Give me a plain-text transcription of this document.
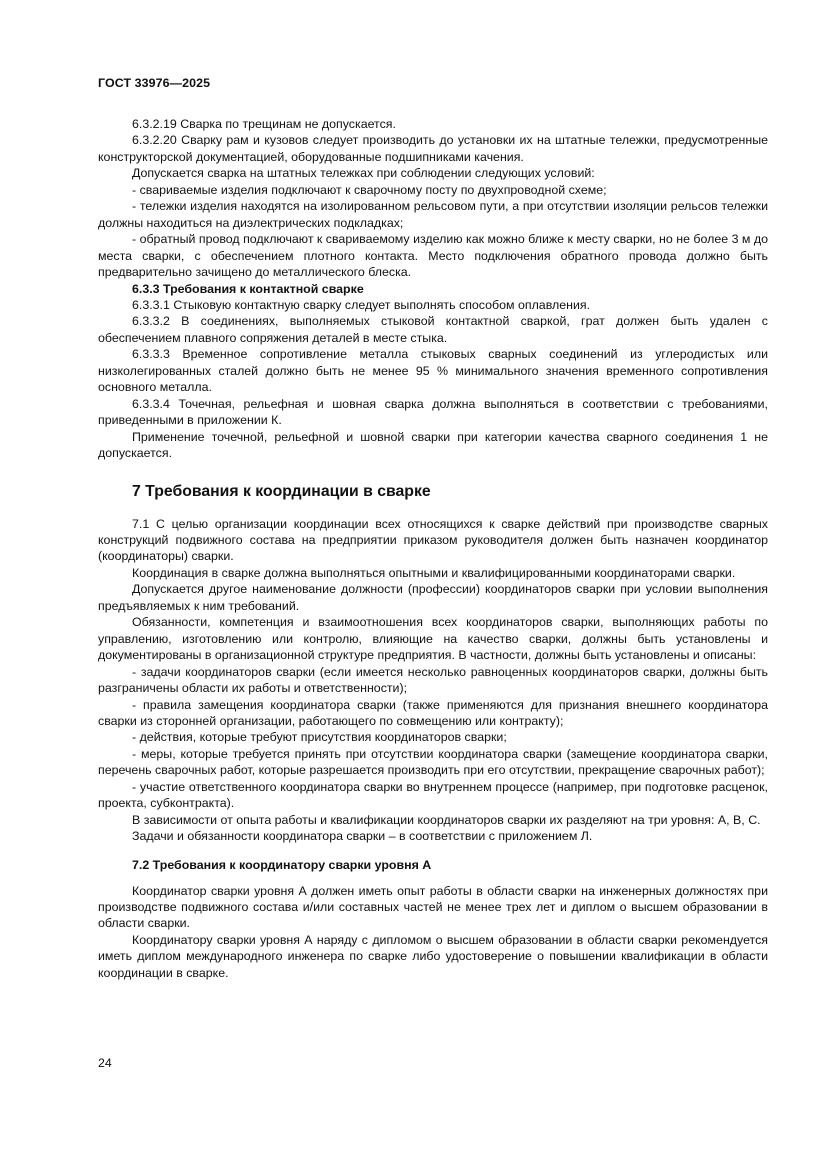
ГОСТ 33976—2025

6.3.2.19 Сварка по трещинам не допускается.

6.3.2.20 Сварку рам и кузовов следует производить до установки их на штатные тележки, предусмотренные конструкторской документацией, оборудованные подшипниками качения.

Допускается сварка на штатных тележках при соблюдении следующих условий:

- свариваемые изделия подключают к сварочному посту по двухпроводной схеме;

- тележки изделия находятся на изолированном рельсовом пути, а при отсутствии изоляции рельсов тележки должны находиться на диэлектрических подкладках;

- обратный провод подключают к свариваемому изделию как можно ближе к месту сварки, но не более 3 м до места сварки, с обеспечением плотного контакта. Место подключения обратного провода должно быть предварительно зачищено до металлического блеска.

6.3.3 Требования к контактной сварке

6.3.3.1 Стыковую контактную сварку следует выполнять способом оплавления.

6.3.3.2 В соединениях, выполняемых стыковой контактной сваркой, грат должен быть удален с обеспечением плавного сопряжения деталей в месте стыка.

6.3.3.3 Временное сопротивление металла стыковых сварных соединений из углеродистых или низколегированных сталей должно быть не менее 95 % минимального значения временного сопротивления основного металла.

6.3.3.4 Точечная, рельефная и шовная сварка должна выполняться в соответствии с требованиями, приведенными в приложении К.

Применение точечной, рельефной и шовной сварки при категории качества сварного соединения 1 не допускается.

7 Требования к координации в сварке

7.1 С целью организации координации всех относящихся к сварке действий при производстве сварных конструкций подвижного состава на предприятии приказом руководителя должен быть назначен координатор (координаторы) сварки.

Координация в сварке должна выполняться опытными и квалифицированными координаторами сварки.

Допускается другое наименование должности (профессии) координаторов сварки при условии выполнения предъявляемых к ним требований.

Обязанности, компетенция и взаимоотношения всех координаторов сварки, выполняющих работы по управлению, изготовлению или контролю, влияющие на качество сварки, должны быть установлены и документированы в организационной структуре предприятия. В частности, должны быть установлены и описаны:

- задачи координаторов сварки (если имеется несколько равноценных координаторов сварки, должны быть разграничены области их работы и ответственности);

- правила замещения координатора сварки (также применяются для признания внешнего координатора сварки из сторонней организации, работающего по совмещению или контракту);

- действия, которые требуют присутствия координаторов сварки;

- меры, которые требуется принять при отсутствии координатора сварки (замещение координатора сварки, перечень сварочных работ, которые разрешается производить при его отсутствии, прекращение сварочных работ);

- участие ответственного координатора сварки во внутреннем процессе (например, при подготовке расценок, проекта, субконтракта).

В зависимости от опыта работы и квалификации координаторов сварки их разделяют на три уровня: А, В, С.

Задачи и обязанности координатора сварки – в соответствии с приложением Л.

7.2 Требования к координатору сварки уровня А

Координатор сварки уровня А должен иметь опыт работы в области сварки на инженерных должностях при производстве подвижного состава и/или составных частей не менее трех лет и диплом о высшем образовании в области сварки.

Координатору сварки уровня А наряду с дипломом о высшем образовании в области сварки рекомендуется иметь диплом международного инженера по сварке либо удостоверение о повышении квалификации в области координации в сварке.

24
